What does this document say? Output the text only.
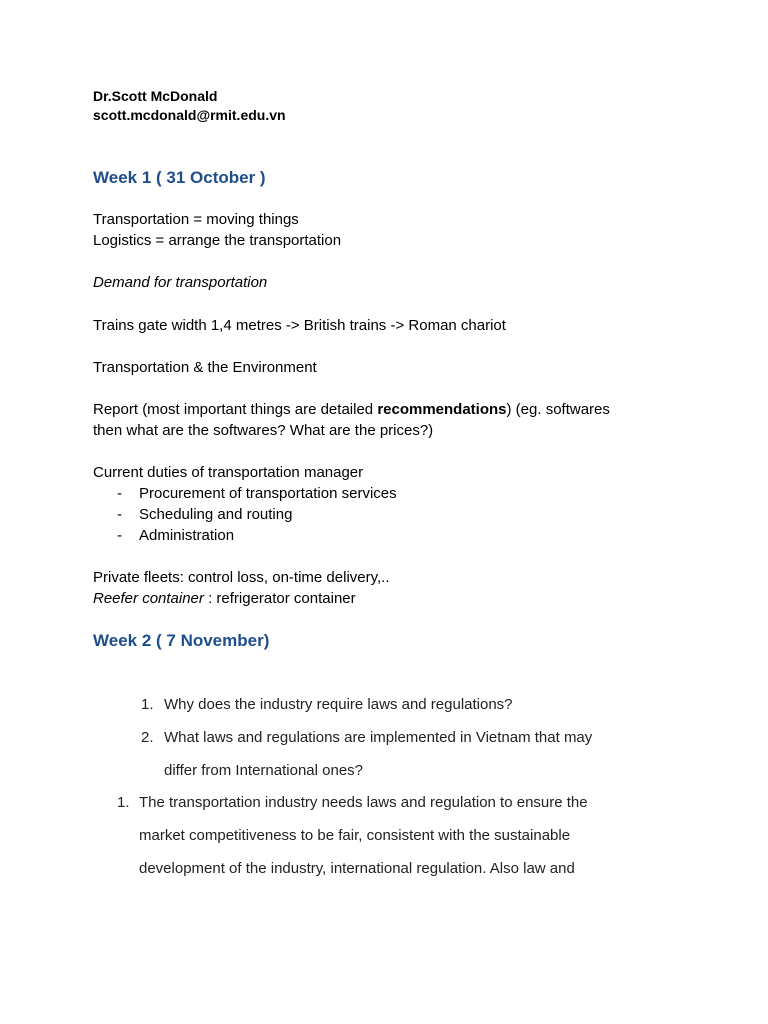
Dr.Scott McDonald

scott.mcdonald@rmit.edu.vn

Week 1 ( 31 October )

Transportation = moving things

Logistics = arrange the transportation

Demand for transportation

Trains gate width 1,4 metres -> British trains -> Roman chariot

Transportation & the Environment

Report (most important things are detailed recommendations) (eg. softwares

then what are the softwares? What are the prices?)

Current duties of transportation manager

- Procurement of transportation services
- Scheduling and routing
- Administration

Private fleets: control loss, on-time delivery,..

Reefer container : refrigerator container

Week 2 ( 7 November)

1. Why does the industry require laws and regulations?
2. What laws and regulations are implemented in Vietnam that may
differ from International ones?
1. The transportation industry needs laws and regulation to ensure the
market competitiveness to be fair, consistent with the sustainable
development of the industry, international regulation. Also law and
